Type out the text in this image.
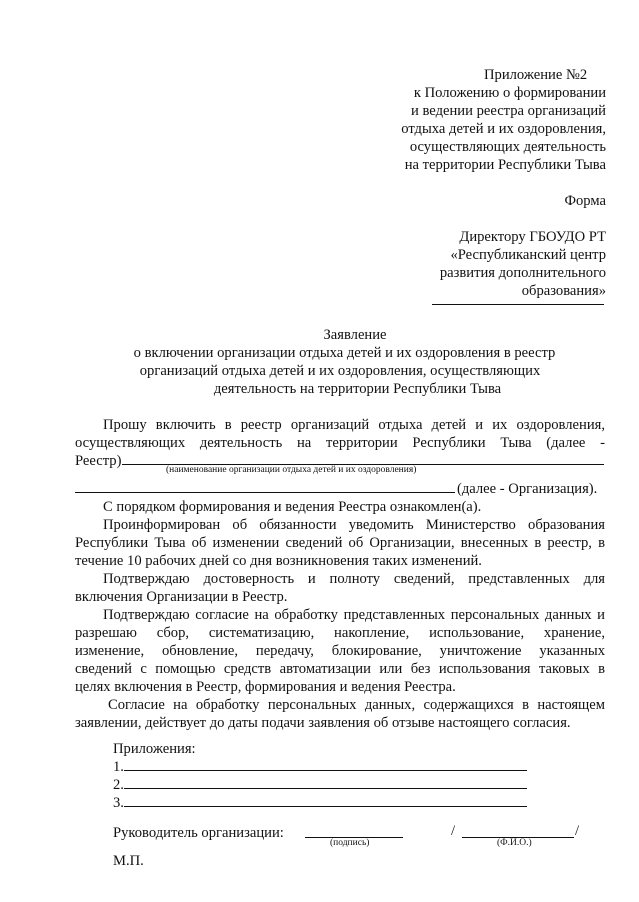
Приложение №2
к Положению о формировании
и ведении реестра организаций
отдыха детей и их оздоровления,
осуществляющих деятельность
на территории Республики Тыва
Форма
Директору ГБОУДО РТ
«Республиканский центр
развития дополнительного
образования»
Заявление
о включении организации отдыха детей и их оздоровления в реестр
организаций отдыха детей и их оздоровления, осуществляющих
деятельность на территории Республики Тыва
Прошу включить в реестр организаций отдыха детей и их оздоровления,
осуществляющих деятельность на территории Республики Тыва (далее -
Реестр)
(наименование организации отдыха детей и их оздоровления)
(далее - Организация).
С порядком формирования и ведения Реестра ознакомлен(а).
Проинформирован об обязанности уведомить Министерство образования
Республики Тыва об изменении сведений об Организации, внесенных в реестр, в
течение 10 рабочих дней со дня возникновения таких изменений.
Подтверждаю достоверность и полноту сведений, представленных для
включения Организации в Реестр.
Подтверждаю согласие на обработку представленных персональных данных и
разрешаю сбор, систематизацию, накопление, использование, хранение,
изменение, обновление, передачу, блокирование, уничтожение указанных
сведений с помощью средств автоматизации или без использования таковых в
целях включения в Реестр, формирования и ведения Реестра.
Согласие на обработку персональных данных, содержащихся в настоящем
заявлении, действует до даты подачи заявления об отзыве настоящего согласия.
Приложения:
1.
2.
3.
Руководитель организации:
(подпись)
/	/
(Ф.И.О.)
М.П.
